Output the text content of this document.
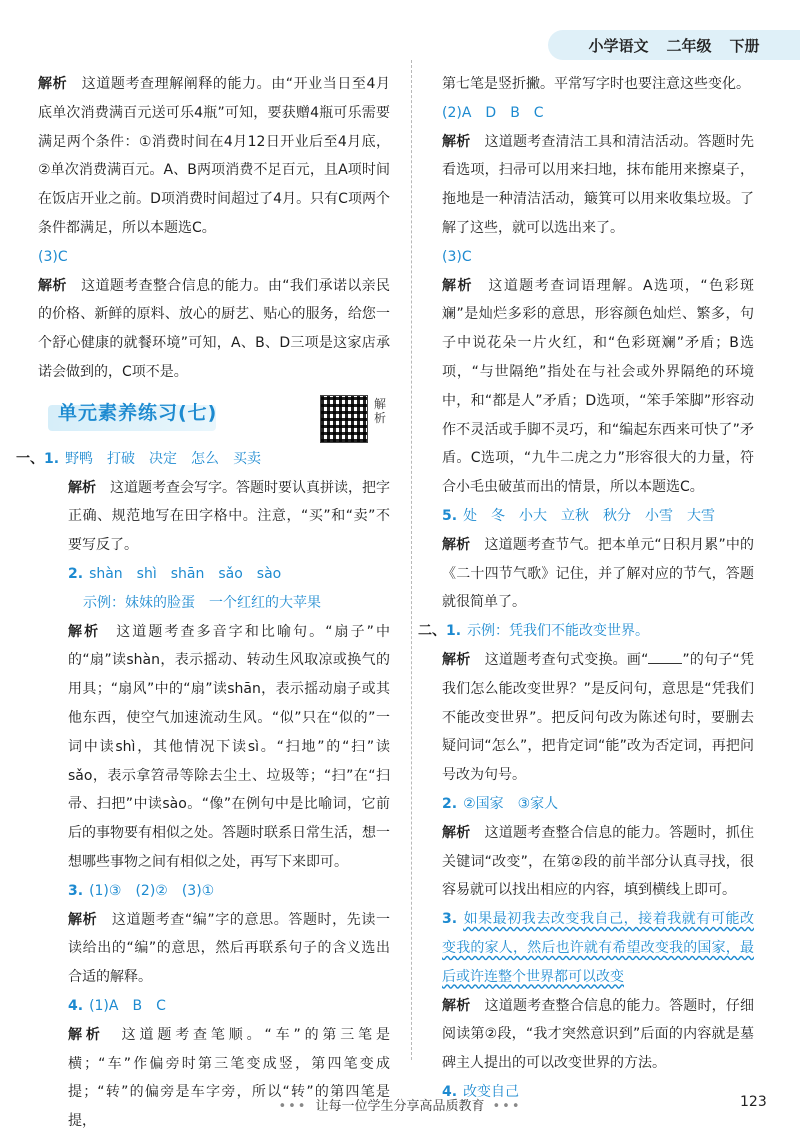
小学语文 二年级 下册

解析　 这道题考查理解阐释的能力。由“开业当日至4月底单次消费满百元送可乐4瓶”可知，要获赠4瓶可乐需要满足两个条件：①消费时间在4月12日开业后至4月底，②单次消费满百元。A、B两项消费不足百元，且A项时间在饭店开业之前。D项消费时间超过了4月。只有C项两个条件都满足，所以本题选C。

(3)C

解析　 这道题考查整合信息的能力。由“我们承诺以亲民的价格、新鲜的原料、放心的厨艺、贴心的服务，给您一个舒心健康的就餐环境”可知，A、B、D三项是这家店承诺会做到的，C项不是。

单元素养练习(七)	解析

一、1. 野鸭　打破　决定　怎么　买卖

解析　 这道题考查会写字。答题时要认真拼读，把字正确、规范地写在田字格中。注意，“买”和“卖”不要写反了。

2. shàn　shì　shān　sǎo　sào

示例：妹妹的脸蛋　一个红红的大苹果

解析　 这道题考查多音字和比喻句。“扇子”中的“扇”读shàn，表示摇动、转动生风取凉或换气的用具；“扇风”中的“扇”读shān，表示摇动扇子或其他东西，使空气加速流动生风。“似”只在“似的”一词中读shì，其他情况下读sì。“扫地”的“扫”读sǎo，表示拿笤帚等除去尘土、垃圾等；“扫”在“扫帚、扫把”中读sào。“像”在例句中是比喻词，它前后的事物要有相似之处。答题时联系日常生活，想一想哪些事物之间有相似之处，再写下来即可。

3. (1)③　(2)②　(3)①

解析　 这道题考查“编”字的意思。答题时，先读一读给出的“编”的意思，然后再联系句子的含义选出合适的解释。

4. (1)A　B　C

解析　 这道题考查笔顺。“车”的第三笔是横；“车”作偏旁时第三笔变成竖，第四笔变成提；“转”的偏旁是车字旁，所以“转”的第四笔是提，

第七笔是竖折撇。平常写字时也要注意这些变化。

(2)A　D　B　C

解析　 这道题考查清洁工具和清洁活动。答题时先看选项，扫帚可以用来扫地，抹布能用来擦桌子，拖地是一种清洁活动，簸箕可以用来收集垃圾。了解了这些，就可以选出来了。

(3)C

解析　 这道题考查词语理解。A选项，“色彩斑斓”是灿烂多彩的意思，形容颜色灿烂、繁多，句子中说花朵一片火红，和“色彩斑斓”矛盾；B选项，“与世隔绝”指处在与社会或外界隔绝的环境中，和“都是人”矛盾；D选项，“笨手笨脚”形容动作不灵活或手脚不灵巧，和“编起东西来可快了”矛盾。C选项，“九牛二虎之力”形容很大的力量，符合小毛虫破茧而出的情景，所以本题选C。

5. 处　冬　小大　立秋　秋分　小雪　大雪

解析　 这道题考查节气。把本单元“日积月累”中的《二十四节气歌》记住，并了解对应的节气，答题就很简单了。

二、1. 示例：凭我们不能改变世界。

解析　 这道题考查句式变换。画“ ”的句子“凭我们怎么能改变世界？”是反问句，意思是“凭我们不能改变世界”。把反问句改为陈述句时，要删去疑问词“怎么”，把肯定词“能”改为否定词，再把问号改为句号。

2. ②国家　③家人

解析　 这道题考查整合信息的能力。答题时，抓住关键词“改变”，在第②段的前半部分认真寻找，很容易就可以找出相应的内容，填到横线上即可。

3. 如果最初我去改变我自己，接着我就有可能改变我的家人，然后也许就有希望改变我的国家，最后或许连整个世界都可以改变

解析　 这道题考查整合信息的能力。答题时，仔细阅读第②段，“我才突然意识到”后面的内容就是墓碑主人提出的可以改变世界的方法。

4. 改变自己

••• 让每一位学生分享高品质教育 •••	123
